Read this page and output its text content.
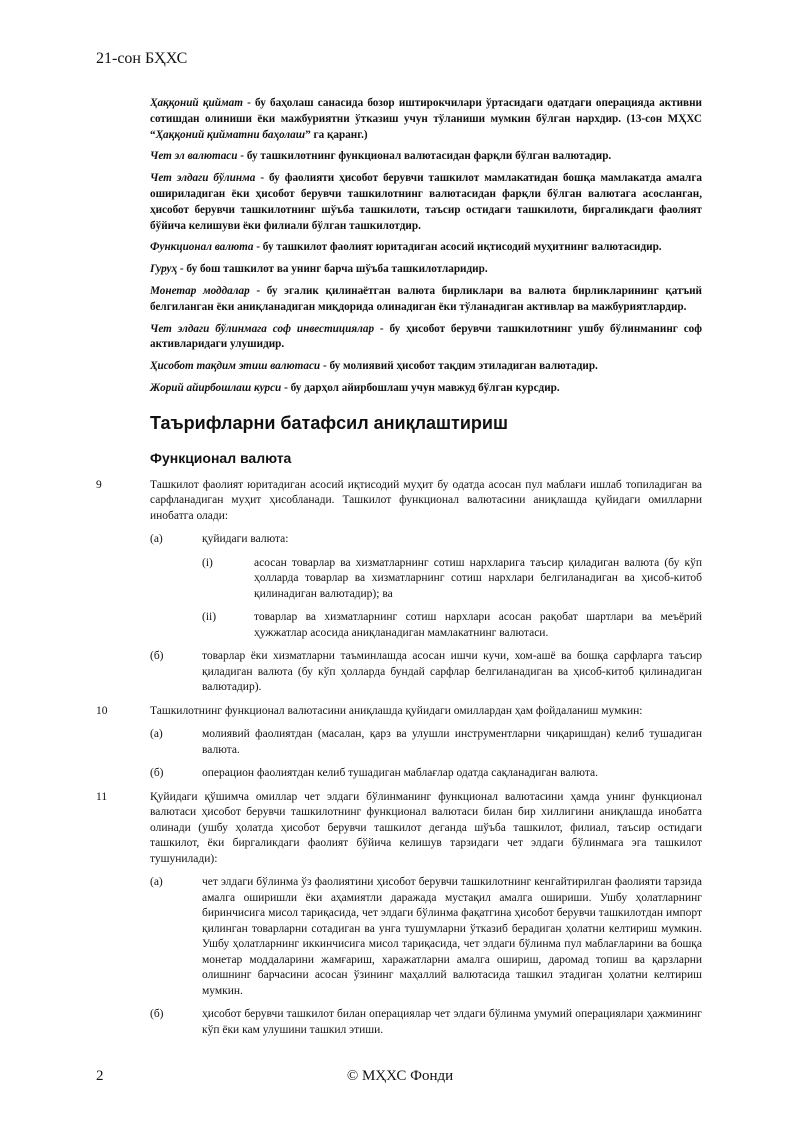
21-сон БҲХС

Ҳаққоний қиймат - бу баҳолаш санасида бозор иштирокчилари ўртасидаги одатдаги операцияда активни сотишдан олиниши ёки мажбуриятни ўтказиш учун тўланиши мумкин бўлган нархдир. (13-сон МҲХС “Ҳаққоний қийматни баҳолаш” га қаранг.)

Чет эл валютаси - бу ташкилотнинг функционал валютасидан фарқли бўлган валютадир.

Чет элдаги бўлинма - бу фаолияти ҳисобот берувчи ташкилот мамлакатидан бошқа мамлакатда амалга ошириладиган ёки ҳисобот берувчи ташкилотнинг валютасидан фарқли бўлган валютага асосланган, ҳисобот берувчи ташкилотнинг шўъба ташкилоти, таъсир остидаги ташкилоти, биргаликдаги фаолият бўйича келишуви ёки филиали бўлган ташкилотдир.

Функционал валюта - бу ташкилот фаолият юритадиган асосий иқтисодий муҳитнинг валютасидир.

Гуруҳ - бу бош ташкилот ва унинг барча шўъба ташкилотларидир.

Монетар моддалар - бу эгалик қилинаётган валюта бирликлари ва валюта бирликларининг қатъий белгиланган ёки аниқланадиган миқдорида олинадиган ёки тўланадиган активлар ва мажбуриятлардир.

Чет элдаги бўлинмага соф инвестициялар - бу ҳисобот берувчи ташкилотнинг ушбу бўлинманинг соф активларидаги улушидир.

Ҳисобот тақдим этиш валютаси - бу молиявий ҳисобот тақдим этиладиган валютадир.

Жорий айирбошлаш курси - бу дарҳол айирбошлаш учун мавжуд бўлган курсдир.

Таърифларни батафсил аниқлаштириш
Функционал валюта
9	Ташкилот фаолият юритадиган асосий иқтисодий муҳит бу одатда асосан пул маблағи ишлаб топиладиган ва сарфланадиган муҳит ҳисобланади. Ташкилот функционал валютасини аниқлашда қуйидаги омилларни инобатга олади:
(а)	қуйидаги валюта:
(i)	асосан товарлар ва хизматларнинг сотиш нархларига таъсир қиладиган валюта (бу кўп ҳолларда товарлар ва хизматларнинг сотиш нархлари белгиланадиган ва ҳисоб-китоб қилинадиган валютадир); ва
(ii)	товарлар ва хизматларнинг сотиш нархлари асосан рақобат шартлари ва меъёрий ҳужжатлар асосида аниқланадиган мамлакатнинг валютаси.
(б)	товарлар ёки хизматларни таъминлашда асосан ишчи кучи, хом-ашё ва бошқа сарфларга таъсир қиладиган валюта (бу кўп ҳолларда бундай сарфлар белгиланадиган ва ҳисоб-китоб қилинадиган валютадир).
10	Ташкилотнинг функционал валютасини аниқлашда қуйидаги омиллардан ҳам фойдаланиш мумкин:
(а)	молиявий фаолиятдан (масалан, қарз ва улушли инструментларни чиқаришдан) келиб тушадиган валюта.
(б)	операцион фаолиятдан келиб тушадиган маблағлар одатда сақланадиган валюта.
11	Қуйидаги қўшимча омиллар чет элдаги бўлинманинг функционал валютасини ҳамда унинг функционал валютаси ҳисобот берувчи ташкилотнинг функционал валютаси билан бир хиллигини аниқлашда инобатга олинади (ушбу ҳолатда ҳисобот берувчи ташкилот деганда шўъба ташкилот, филиал, таъсир остидаги ташкилот, ёки биргаликдаги фаолият бўйича келишув тарзидаги чет элдаги бўлинмага эга ташкилот тушунилади):
(а)	чет элдаги бўлинма ўз фаолиятини ҳисобот берувчи ташкилотнинг кенгайтирилган фаолияти тарзида амалга оширишли ёки аҳамиятли даражада мустақил амалга ошириши. Ушбу ҳолатларнинг биринчисига мисол тариқасида, чет элдаги бўлинма фақатгина ҳисобот берувчи ташкилотдан импорт қилинган товарларни сотадиган ва унга тушумларни ўтказиб берадиган ҳолатни келтириш мумкин. Ушбу ҳолатларнинг иккинчисига мисол тариқасида, чет элдаги бўлинма пул маблағларини ва бошқа монетар моддаларини жамғариш, харажатларни амалга ошириш, даромад топиш ва қарзларни олишнинг барчасини асосан ўзининг маҳаллий валютасида ташкил этадиган ҳолатни келтириш мумкин.
(б)	ҳисобот берувчи ташкилот билан операциялар чет элдаги бўлинма умумий операциялари ҳажмининг кўп ёки кам улушини ташкил этиши.
2	© МҲХС Фонди
